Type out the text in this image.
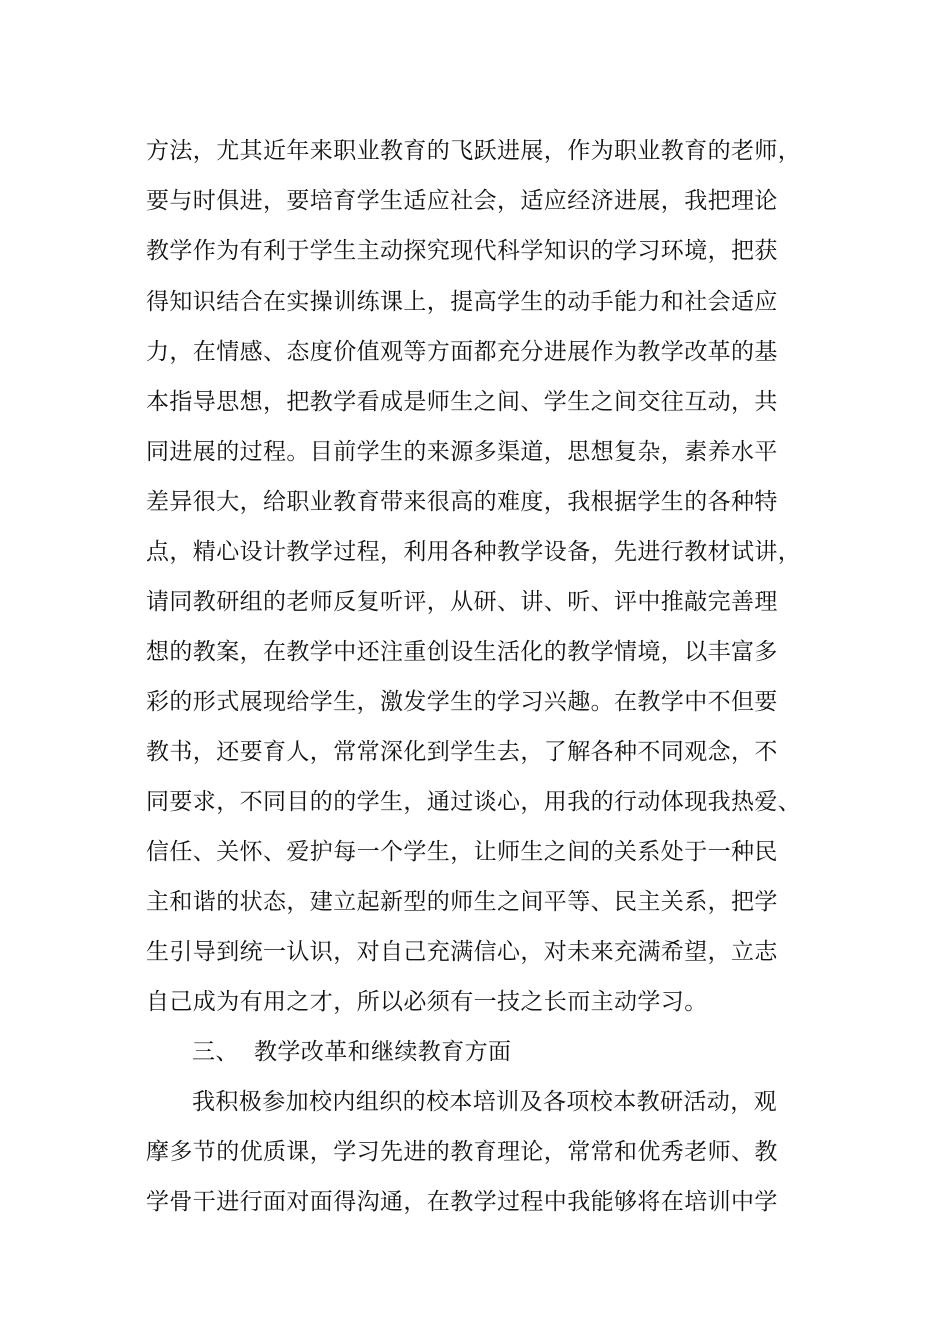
方法，尤其近年来职业教育的飞跃进展，作为职业教育的老师，
要与时俱进，要培育学生适应社会，适应经济进展，我把理论
教学作为有利于学生主动探究现代科学知识的学习环境，把获
得知识结合在实操训练课上，提高学生的动手能力和社会适应
力，在情感、态度价值观等方面都充分进展作为教学改革的基
本指导思想，把教学看成是师生之间、学生之间交往互动，共
同进展的过程。目前学生的来源多渠道，思想复杂，素养水平
差异很大，给职业教育带来很高的难度，我根据学生的各种特
点，精心设计教学过程，利用各种教学设备，先进行教材试讲，
请同教研组的老师反复听评，从研、讲、听、评中推敲完善理
想的教案，在教学中还注重创设生活化的教学情境，以丰富多
彩的形式展现给学生，激发学生的学习兴趣。在教学中不但要
教书，还要育人，常常深化到学生去，了解各种不同观念，不
同要求，不同目的的学生，通过谈心，用我的行动体现我热爱、
信任、关怀、爱护每一个学生，让师生之间的关系处于一种民
主和谐的状态，建立起新型的师生之间平等、民主关系，把学
生引导到统一认识，对自己充满信心，对未来充满希望，立志
自己成为有用之才，所以必须有一技之长而主动学习。
三、 教学改革和继续教育方面
我积极参加校内组织的校本培训及各项校本教研活动，观
摩多节的优质课，学习先进的教育理论，常常和优秀老师、教
学骨干进行面对面得沟通，在教学过程中我能够将在培训中学
